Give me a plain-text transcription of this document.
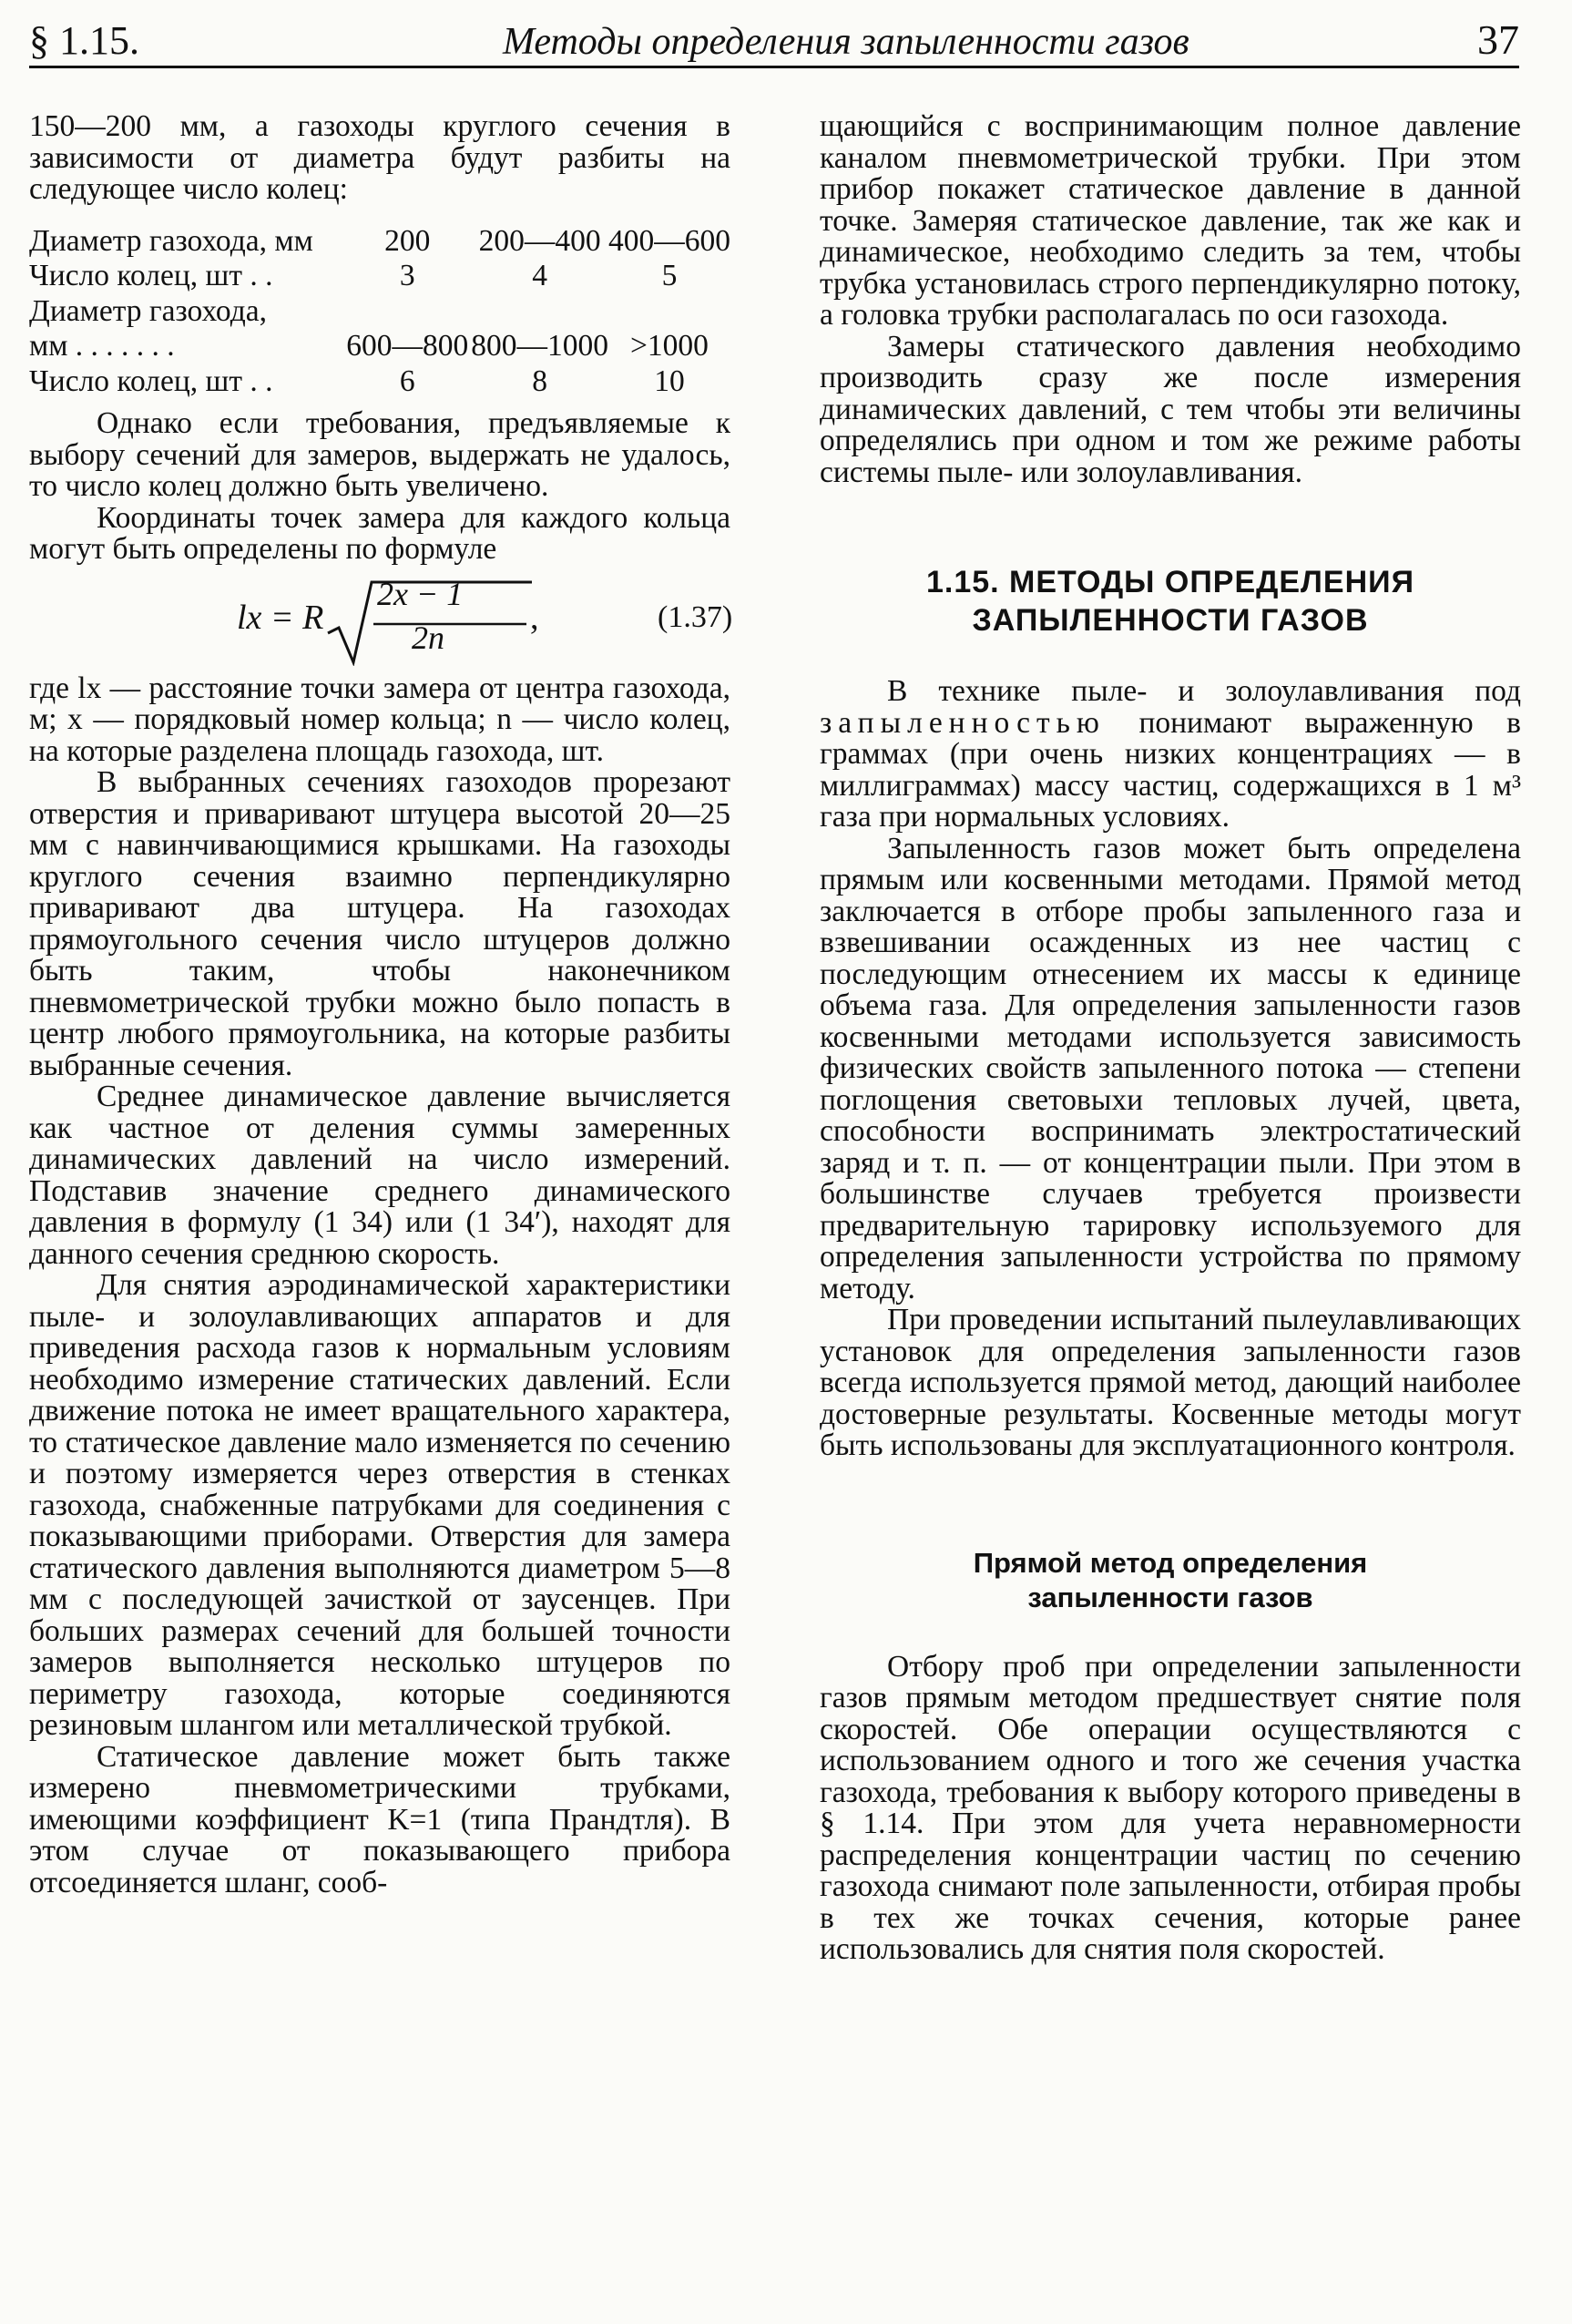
§ 1.15.	Методы определения запыленности газов	37

150—200 мм, а газоходы круглого сечения в зависимости от диаметра будут разбиты на следующее число колец:

Диаметр газохода, мм	200	200—400	400—600
Число колец, шт . .	3	4	5
Диаметр газохода,			
мм . . . . . . .	600—800	800—1000	>1000
Число колец, шт . .	6	8	10

Однако если требования, предъявляемые к выбору сечений для замеров, выдержать не удалось, то число колец должно быть увеличено.

Координаты точек замера для каждого кольца могут быть определены по формуле

lx = R
2x − 1
2n
,	(1.37)

где lx — расстояние точки замера от центра газохода, м; x — порядковый номер кольца; n — число колец, на которые разделена площадь газохода, шт.

В выбранных сечениях газоходов прорезают отверстия и приваривают штуцера высотой 20—25 мм с навинчивающимися крышками. На газоходы круглого сечения взаимно перпендикулярно приваривают два штуцера. На газоходах прямоугольного сечения число штуцеров должно быть таким, чтобы наконечником пневмометрической трубки можно было попасть в центр любого прямоугольника, на которые разбиты выбранные сечения.

Среднее динамическое давление вычисляется как частное от деления суммы замеренных динамических давлений на число измерений. Подставив значение среднего динамического давления в формулу (1 34) или (1 34′), находят для данного сечения среднюю скорость.

Для снятия аэродинамической характеристики пыле- и золоулавливающих аппаратов и для приведения расхода газов к нормальным условиям необходимо измерение статических давлений. Если движение потока не имеет вращательного характера, то статическое давление мало изменяется по сечению и поэтому измеряется через отверстия в стенках газохода, снабженные патрубками для соединения с показывающими приборами. Отверстия для замера статического давления выполняются диаметром 5—8 мм с последующей зачисткой от заусенцев. При больших размерах сечений для большей точности замеров выполняется несколько штуцеров по периметру газохода, которые соединяются резиновым шлангом или металлической трубкой.

Статическое давление может быть также измерено пневмометрическими трубками, имеющими коэффициент K=1 (типа Прандтля). В этом случае от показывающего прибора отсоединяется шланг, сооб-

щающийся с воспринимающим полное давление каналом пневмометрической трубки. При этом прибор покажет статическое давление в данной точке. Замеряя статическое давление, так же как и динамическое, необходимо следить за тем, чтобы трубка установилась строго перпендикулярно потоку, а головка трубки располагалась по оси газохода.

Замеры статического давления необходимо производить сразу же после измерения динамических давлений, с тем чтобы эти величины определялись при одном и том же режиме работы системы пыле- или золоулавливания.

1.15. МЕТОДЫ ОПРЕДЕЛЕНИЯ
ЗАПЫЛЕННОСТИ ГАЗОВ

В технике пыле- и золоулавливания под запыленностью понимают выраженную в граммах (при очень низких концентрациях — в миллиграммах) массу частиц, содержащихся в 1 м³ газа при нормальных условиях.

Запыленность газов может быть определена прямым или косвенными методами. Прямой метод заключается в отборе пробы запыленного газа и взвешивании осажденных из нее частиц с последующим отнесением их массы к единице объема газа. Для определения запыленности газов косвенными методами используется зависимость физических свойств запыленного потока — степени поглощения световыхи тепловых лучей, цвета, способности воспринимать электростатический заряд и т. п. — от концентрации пыли. При этом в большинстве случаев требуется произвести предварительную тарировку используемого для определения запыленности устройства по прямому методу.

При проведении испытаний пылеулавливающих установок для определения запыленности газов всегда используется прямой метод, дающий наиболее достоверные результаты. Косвенные методы могут быть использованы для эксплуатационного контроля.

Прямой метод определения
запыленности газов

Отбору проб при определении запыленности газов прямым методом предшествует снятие поля скоростей. Обе операции осуществляются с использованием одного и того же сечения участка газохода, требования к выбору которого приведены в § 1.14. При этом для учета неравномерности распределения концентрации частиц по сечению газохода снимают поле запыленности, отбирая пробы в тех же точках сечения, которые ранее использовались для снятия поля скоростей.
